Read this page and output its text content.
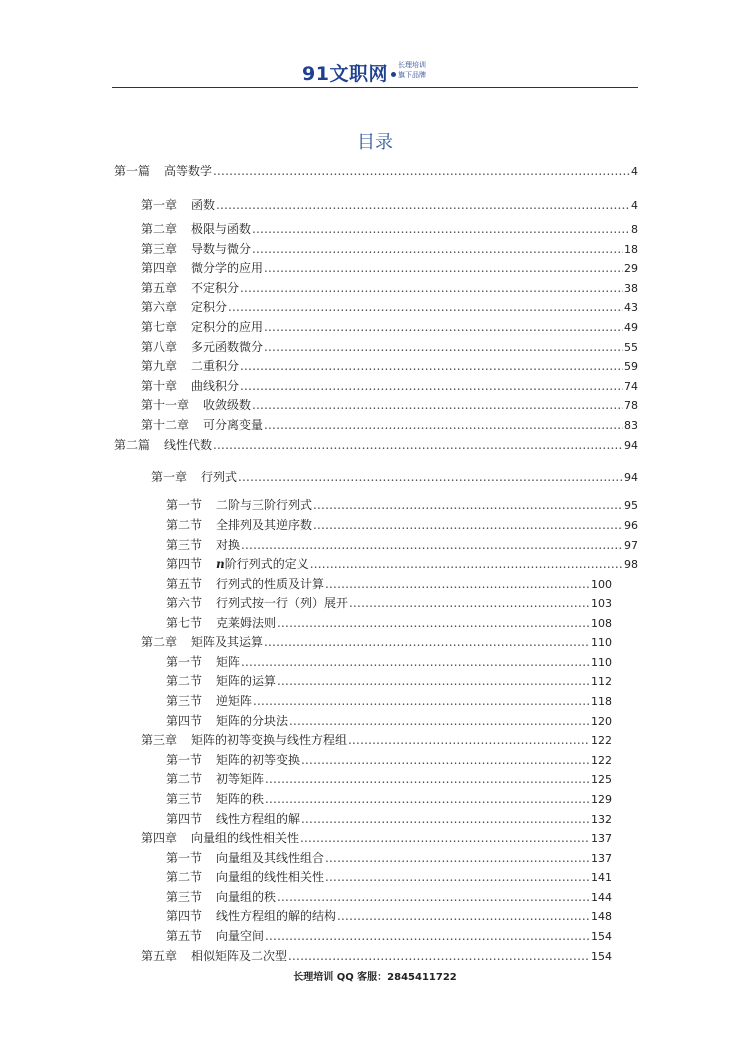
91文职网	长理培训
旗下品牌
目录
第一篇 高等数学 .....	4
第一章 函数 .....	4
第二章 极限与函数 .....	8
第三章 导数与微分 .....	18
第四章 微分学的应用 .....	29
第五章 不定积分 .....	38
第六章 定积分 .....	43
第七章 定积分的应用 .....	49
第八章 多元函数微分 .....	55
第九章 二重积分 .....	59
第十章 曲线积分 .....	74
第十一章 收敛级数 .....	78
第十二章 可分离变量 .....	83
第二篇 线性代数 .....	94
第一章 行列式 .....	94
第一节 二阶与三阶行列式 .....	95
第二节 全排列及其逆序数 .....	96
第三节 对换 .....	97
第四节 n阶行列式的定义 .....	98
第五节 行列式的性质及计算 .....	100
第六节 行列式按一行（列）展开 .....	103
第七节 克莱姆法则 .....	108
第二章 矩阵及其运算 .....	110
第一节 矩阵 .....	110
第二节 矩阵的运算 .....	112
第三节 逆矩阵 .....	118
第四节 矩阵的分块法 .....	120
第三章 矩阵的初等变换与线性方程组 .....	122
第一节 矩阵的初等变换 .....	122
第二节 初等矩阵 .....	125
第三节 矩阵的秩 .....	129
第四节 线性方程组的解 .....	132
第四章 向量组的线性相关性 .....	137
第一节 向量组及其线性组合 .....	137
第二节 向量组的线性相关性 .....	141
第三节 向量组的秩 .....	144
第四节 线性方程组的解的结构 .....	148
第五节 向量空间 .....	154
第五章 相似矩阵及二次型 .....	154
长理培训 QQ 客服：2845411722
